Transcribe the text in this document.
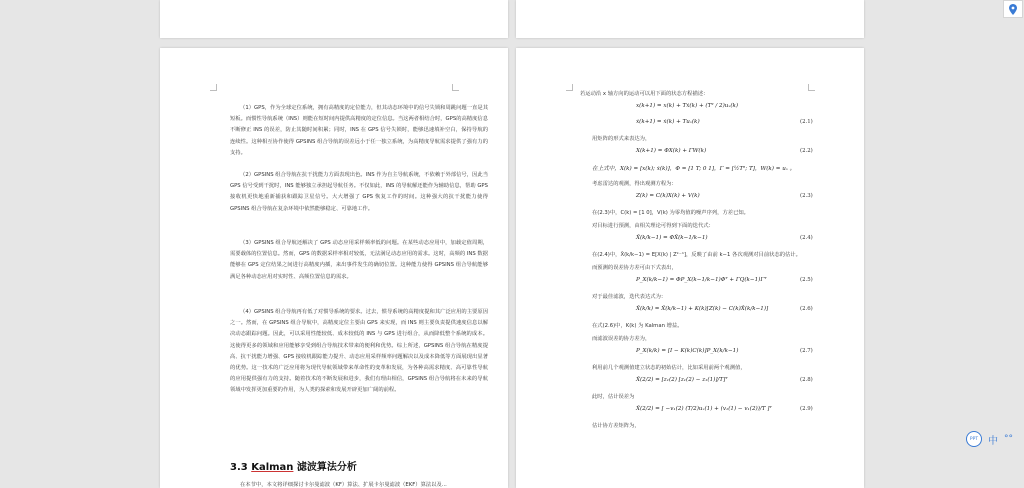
（1）GPS，作为全球定位系统，拥有高精度的定位能力，但其动态环境中的信号失锁和周跳问题一直是其短板。而惯性导航系统（INS）则能在短时间内提供高精度的定位信息。当这两者相结合时，GPS的高精度信息不断修正 INS 的误差，防止其随时间积累；同时，INS 在 GPS 信号失锁时，能够迅速填补空白，保持导航的连续性。这种相互协作使得 GPSINS 组合导航的误差远小于任一独立系统，为高精度导航需求提供了强有力的支持。
（2）GPSINS 组合导航在抗干扰能力方面表现出色。INS 作为自主导航系统，不依赖于外部信号，因此当 GPS 信号受到干扰时，INS 能够独立承担起导航任务。不仅如此，INS 的导航解还能作为辅助信息，帮助 GPS 接收机更快地重新捕获和跟踪卫星信号。大大增强了 GPS 恢复工作的时间。这种强大的抗干扰能力使得 GPSINS 组合导航在复杂环境中依然能够稳定、可靠地工作。
（3）GPSINS 组合导航还解决了 GPS 动态应用采样频率低的问题。在某些动态应用中，加载定值周期，需要载体的位置信息。然而，GPS 的数据采样率相对较低，无法满足动态应用的需求。这时，高频的 INS 数据能够在 GPS 定位结果之间进行高精度内插，来出事件发生的确切位置。这种能力使得 GPSINS 组合导航能够满足各种动态应用对实时性、高频位置信息的需求。
（4）GPSINS 组合导航再有低了对惯导系统的要求。过去，惯导系统的高精度提和其广泛应用的主要原因之一。然而，在 GPSINS 组合导航中，高精度定位主要由 GPS 来实现，而 INS 则主要负责提供速度信息以解决动态跟踪问题。因此，可以采用性能较低、成本较低的 INS 与 GPS 进行组合，从而降低整个系统的成本。这使得更多的领域和应用能够享受到组合导航技术带来的便利和优势。综上所述，GPSINS 组合导航在精度提高、抗干扰能力增强、GPS 接收机跟踪能力提升、动态应用采样频率问题解决以及成本降低等方面展现出显著的优势。这一技术的广泛应用将为现代导航领域带来革命性的变革和发展，为各种高需求精度、高可靠性导航的应用提供强有力的支持。随着技术的不断发展和进步，我们有理由相信，GPSINS 组合导航将在未来的导航领域中发挥更加重要的作用，为人类的探索和发展开辟更加广阔的前程。
3.3 Kalman 滤波算法分析
在本节中，本文将详细探讨卡尔曼滤波（KF）算法、扩展卡尔曼滤波（EKF）算法以及...
若运动沿 x 轴方向的运动可以用下面的状态方程描述：
x(k+1) = x(k) + Tẋ(k) + (T² / 2)uₓ(k)
ẋ(k+1) = ẋ(k) + Tuₓ(k)	(2.1)
用矩阵的形式来表达为，
X(k+1) = ΦX(k) + ΓW(k)	(2.2)
在上式中，X(k) = [x(k); ẋ(k)]，Φ = [1 T; 0 1]，Γ = [½T²; T]，W(k) = uₓ 。
考虑雷达的观测，得出观测方程为：
Z(k) = C(k)X(k) + V(k)	(2.3)
在(2.3)中，C(k) = [1 0]，V(k) 为零均值的噪声序列，方差已知。
对目标进行预测，由相关理论可得到下面的迭代式：
X̂(k/k−1) = ΦX̂(k−1/k−1)	(2.4)
在(2.4)中，X̂(k/k−1) = E[X(k) | Zᵏ⁻¹]，反映了由前 k−1 各次观测对目前状态的估计。
而预测的误差协方差可由下式表出，
P_X(k/k−1) = ΦP_X(k−1/k−1)Φᵀ + ΓQ(k−1)Γᵀ	(2.5)
对于最佳滤波，迭代表达式为：
X̂(k/k) = X̂(k/k−1) + K(k)[Z(k) − C(k)X̂(k/k−1)]	(2.6)
在式(2.6)中，K(k) 为 Kalman 增益。
而滤波误差的协方差为，
P_X(k/k) = [I − K(k)C(k)]P_X(k/k−1)	(2.7)
利用前几个观测值建立状态的初始估计，比如采用前两个观测值，
X̂(2/2) = [z₁(2) [z₁(2) − z₁(1)]/T]ᵀ	(2.8)
此时，估计误差为
X̃(2/2) = [ −v₁(2) (T/2)uₓ(1) + (v₁(1) − v₁(2))/T ]ᵀ	(2.9)
估计协方差矩阵为，
PPT 中 °°
